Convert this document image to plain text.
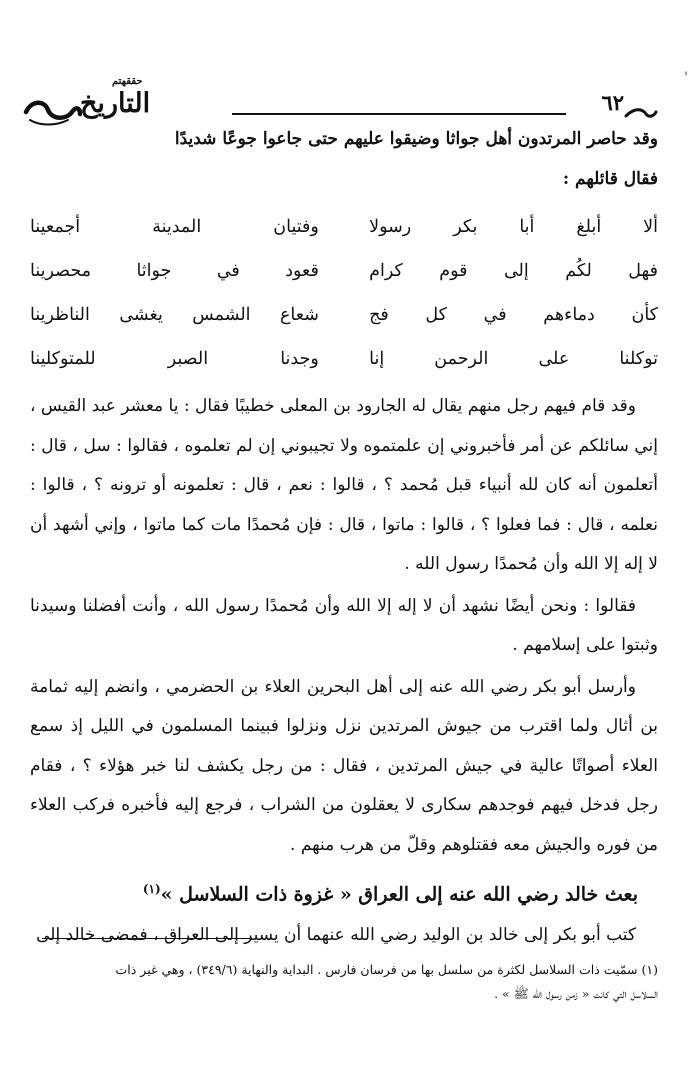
٦٢
حققهتم
التاريخ
'

وقد حاصر المرتدون أهل جواثا وضيقوا عليهم حتى جاعوا جوعًا شديدًا

فقال قائلهم :

ألا أبلغ أبا بكر رسولا
وفتيان المدينة أجمعينا
فهل لكُم إلى قوم كرام
قعود في جواثا محصرينا
كأن دماءهم في كل فج
شعاع الشمس يغشى الناظرينا
توكلنا على الرحمن إنا
وجدنا الصبر للمتوكلينا

وقد قام فيهم رجل منهم يقال له الجارود بن المعلى خطيبًا فقال : يا معشر عبد القيس ، إني سائلكم عن أمر فأخبروني إن علمتموه ولا تجيبوني إن لم تعلموه ، فقالوا : سل ، قال : أتعلمون أنه كان لله أنبياء قبل مُحمد ؟ ، قالوا : نعم ، قال : تعلمونه أو ترونه ؟ ، قالوا : نعلمه ، قال : فما فعلوا ؟ ، قالوا : ماتوا ، قال : فإن مُحمدًا مات كما ماتوا ، وإني أشهد أن لا إله إلا الله وأن مُحمدًا رسول الله .

فقالوا : ونحن أيضًا نشهد أن لا إله إلا الله وأن مُحمدًا رسول الله ، وأنت أفضلنا وسيدنا وثبتوا على إسلامهم .

وأرسل أبو بكر رضي الله عنه إلى أهل البحرين العلاء بن الحضرمي ، وانضم إليه ثمامة بن أثال ولما اقترب من جيوش المرتدين نزل ونزلوا فبينما المسلمون في الليل إذ سمع العلاء أصواتًا عالية في جيش المرتدين ، فقال : من رجل يكشف لنا خبر هؤلاء ؟ ، فقام رجل فدخل فيهم فوجدهم سكارى لا يعقلون من الشراب ، فرجع إليه فأخبره فركب العلاء من فوره والجيش معه فقتلوهم وقلّ من هرب منهم .

بعث خالد رضي الله عنه إلى العراق « غزوة ذات السلاسل »$^{(١)}$

كتب أبو بكر إلى خالد بن الوليد رضي الله عنهما أن يسير إلى العراق ، فمضى خالد إلى

(١) سمّيت ذات السلاسل لكثرة من سلسل بها من فرسان فارس . البداية والنهاية (٣٤٩/٦) ، وهي غير ذات
السلاسل التي كانت « زمن رسول الله ﷺ » .
